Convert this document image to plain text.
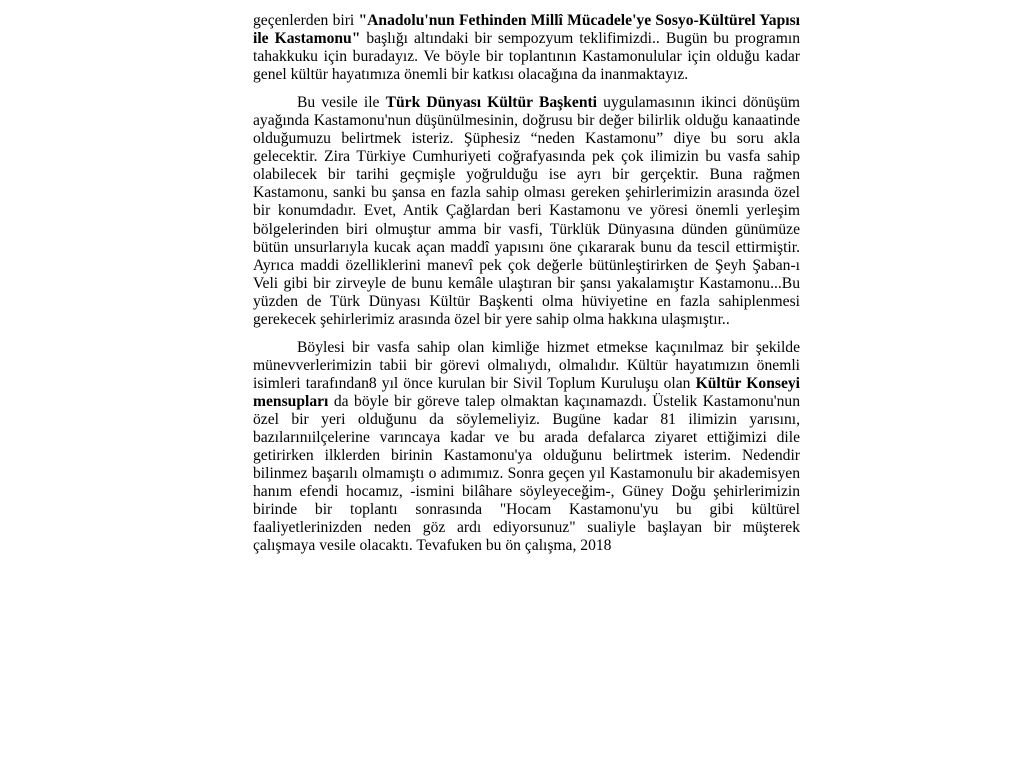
geçenlerden biri "Anadolu'nun Fethinden Millî Mücadele'ye Sosyo-Kültürel Yapısı ile Kastamonu" başlığı altındaki bir sempozyum teklifimizdi.. Bugün bu programın tahakkuku için buradayız. Ve böyle bir toplantının Kastamonulular için olduğu kadar genel kültür hayatımıza önemli bir katkısı olacağına da inanmaktayız.

Bu vesile ile Türk Dünyası Kültür Başkenti uygulamasının ikinci dönüşüm ayağında Kastamonu'nun düşünülmesinin, doğrusu bir değer bilirlik olduğu kanaatinde olduğumuzu belirtmek isteriz. Şüphesiz “neden Kastamonu” diye bu soru akla gelecektir. Zira Türkiye Cumhuriyeti coğrafyasında pek çok ilimizin bu vasfa sahip olabilecek bir tarihi geçmişle yoğrulduğu ise ayrı bir gerçektir. Buna rağmen Kastamonu, sanki bu şansa en fazla sahip olması gereken şehirlerimizin arasında özel bir konumdadır. Evet, Antik Çağlardan beri Kastamonu ve yöresi önemli yerleşim bölgelerinden biri olmuştur amma bir vasfi, Türklük Dünyasına dünden günümüze bütün unsurlarıyla kucak açan maddî yapısını öne çıkararak bunu da tescil ettirmiştir. Ayrıca maddi özelliklerini manevî pek çok değerle bütünleştirirken de Şeyh Şaban-ı Veli gibi bir zirveyle de bunu kemâle ulaştıran bir şansı yakalamıştır Kastamonu...Bu yüzden de Türk Dünyası Kültür Başkenti olma hüviyetine en fazla sahiplenmesi gerekecek şehirlerimiz arasında özel bir yere sahip olma hakkına ulaşmıştır..

Böylesi bir vasfa sahip olan kimliğe hizmet etmekse kaçınılmaz bir şekilde münevverlerimizin tabii bir görevi olmalıydı, olmalıdır. Kültür hayatımızın önemli isimleri tarafından8 yıl önce kurulan bir Sivil Toplum Kuruluşu olan Kültür Konseyi mensupları da böyle bir göreve talep olmaktan kaçınamazdı. Üstelik Kastamonu'nun özel bir yeri olduğunu da söylemeliyiz. Bugüne kadar 81 ilimizin yarısını, bazılarınıilçelerine varıncaya kadar ve bu arada defalarca ziyaret ettiğimizi dile getirirken ilklerden birinin Kastamonu'ya olduğunu belirtmek isterim. Nedendir bilinmez başarılı olmamıştı o adımımız. Sonra geçen yıl Kastamonulu bir akademisyen hanım efendi hocamız, -ismini bilâhare söyleyeceğim-, Güney Doğu şehirlerimizin birinde bir toplantı sonrasında "Hocam Kastamonu'yu bu gibi kültürel faaliyetlerinizden neden göz ardı ediyorsunuz" sualiyle başlayan bir müşterek çalışmaya vesile olacaktı. Tevafuken bu ön çalışma, 2018
